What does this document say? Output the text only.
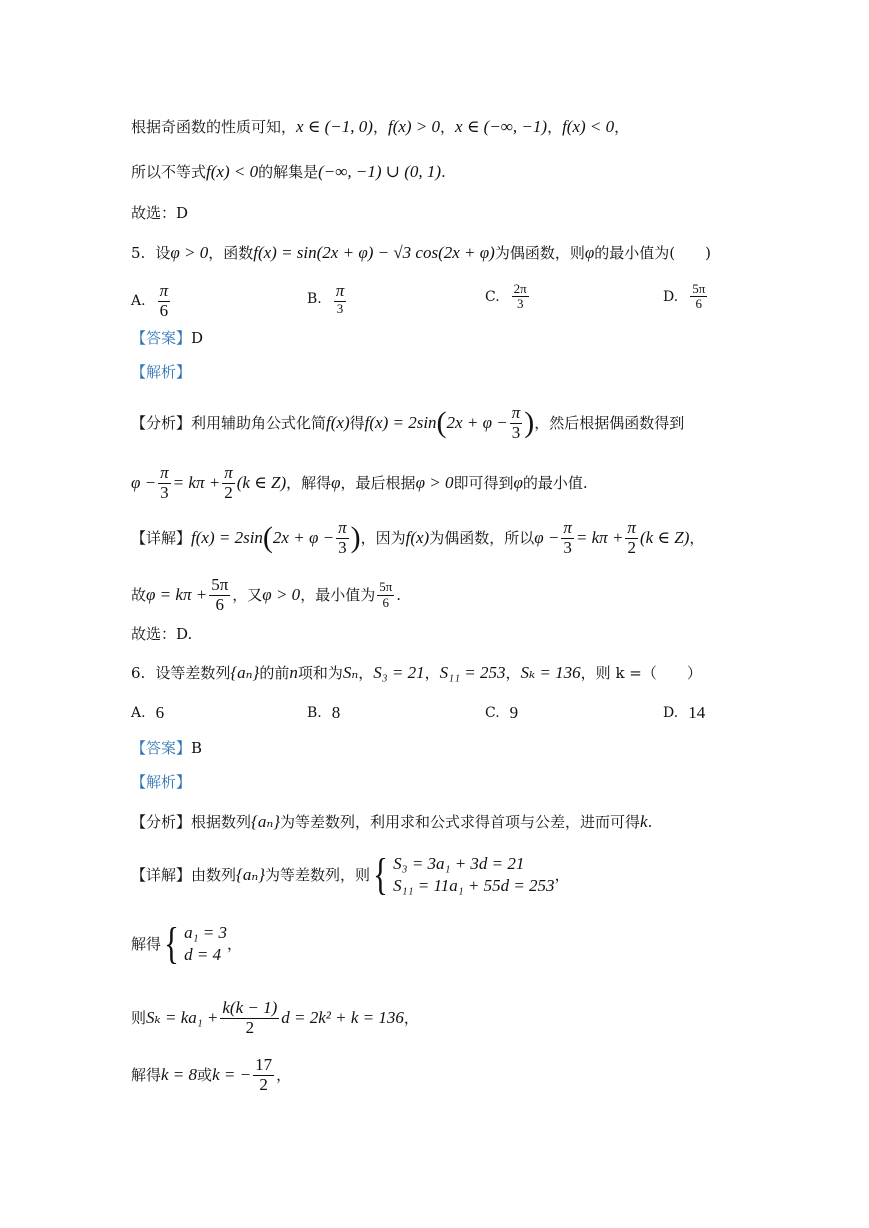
根据奇函数的性质可知， x ∈ (−1, 0) ， f(x) > 0 ， x ∈ (−∞, −1) ， f(x) < 0 ，
所以不等式 f(x) < 0 的解集是 (−∞, −1) ∪ (0, 1) .
故选：D
5. 设 φ > 0 ，函数 f(x) = sin(2x + φ) − √3 cos(2x + φ) 为偶函数，则 φ 的最小值为(　　)
A. $\frac{\pi}{6}$	B. $\frac{\pi}{3}$	C. $\frac{2\pi}{3}$	D. $\frac{5\pi}{6}$
【答案】 D
【解析】
【分析】 利用辅助角公式化简 f(x) 得 f(x) = 2sin ( $2x + \varphi - \frac{\pi}{3}$ ) ，然后根据偶函数得到
$\varphi - \frac{\pi}{3} = k\pi + \frac{\pi}{2} (k$ ∈ Z) ，解得 φ ，最后根据 φ > 0 即可得到 φ 的最小值.
【详解】 f(x) = 2sin ( $2x + \varphi - \frac{\pi}{3}$ ) ，因为 f(x) 为偶函数，所以 $\varphi - \frac{\pi}{3} = k\pi + \frac{\pi}{2} (k$ ∈ Z) ，
故 $\varphi = k\pi + \frac{5\pi}{6}$ ，又 φ > 0 ，最小值为 $\frac{5\pi}{6}$ .
故选：D.
6. 设等差数列 {aₙ} 的前 n 项和为 Sₙ ， S₃ = 21 ， S₁₁ = 253 ， Sₖ = 136 ，则 k =（　　）
A. 6	B. 8	C. 9	D. 14
【答案】 B
【解析】
【分析】 根据数列 {aₙ} 为等差数列，利用求和公式求得首项与公差，进而可得 k .
【详解】 由数列 {aₙ} 为等差数列，则 { S₃ = 3a₁ + 3d = 21
S₁₁ = 11a₁ + 55d = 253
，
解得 { a₁ = 3
d = 4
，
则 $S_k = ka_1 + \frac{k(k - 1)}{2}$ d = 2k² + k = 136 ，
解得 k = 8 或 k = − $\frac{17}{2}$ ，
